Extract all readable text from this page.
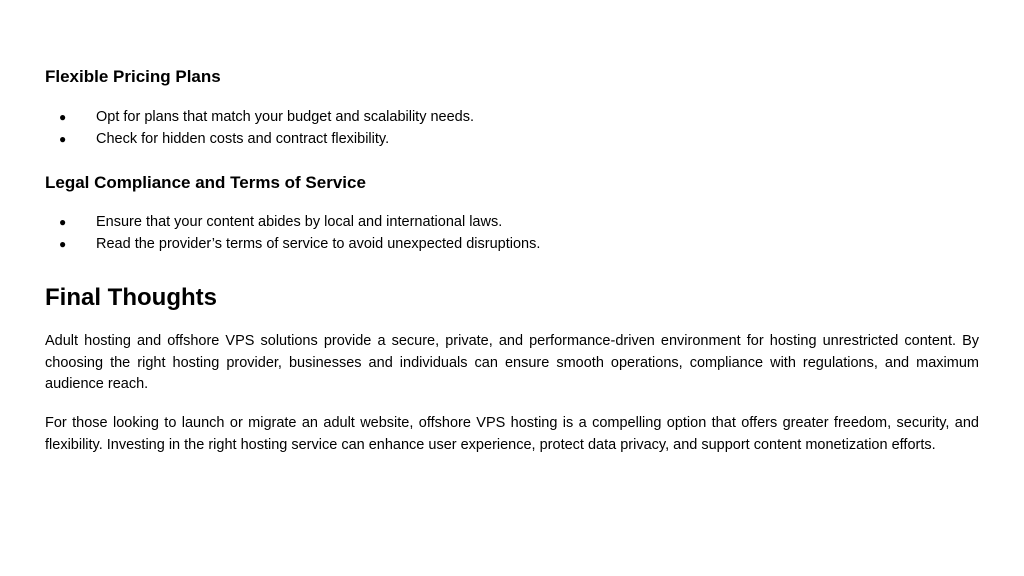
Flexible Pricing Plans
● Opt for plans that match your budget and scalability needs.
● Check for hidden costs and contract flexibility.
Legal Compliance and Terms of Service
● Ensure that your content abides by local and international laws.
● Read the provider’s terms of service to avoid unexpected disruptions.
Final Thoughts

Adult hosting and offshore VPS solutions provide a secure, private, and performance-driven environment for hosting unrestricted content. By choosing the right hosting provider, businesses and individuals can ensure smooth operations, compliance with regulations, and maximum audience reach.

For those looking to launch or migrate an adult website, offshore VPS hosting is a compelling option that offers greater freedom, security, and flexibility. Investing in the right hosting service can enhance user experience, protect data privacy, and support content monetization efforts.
